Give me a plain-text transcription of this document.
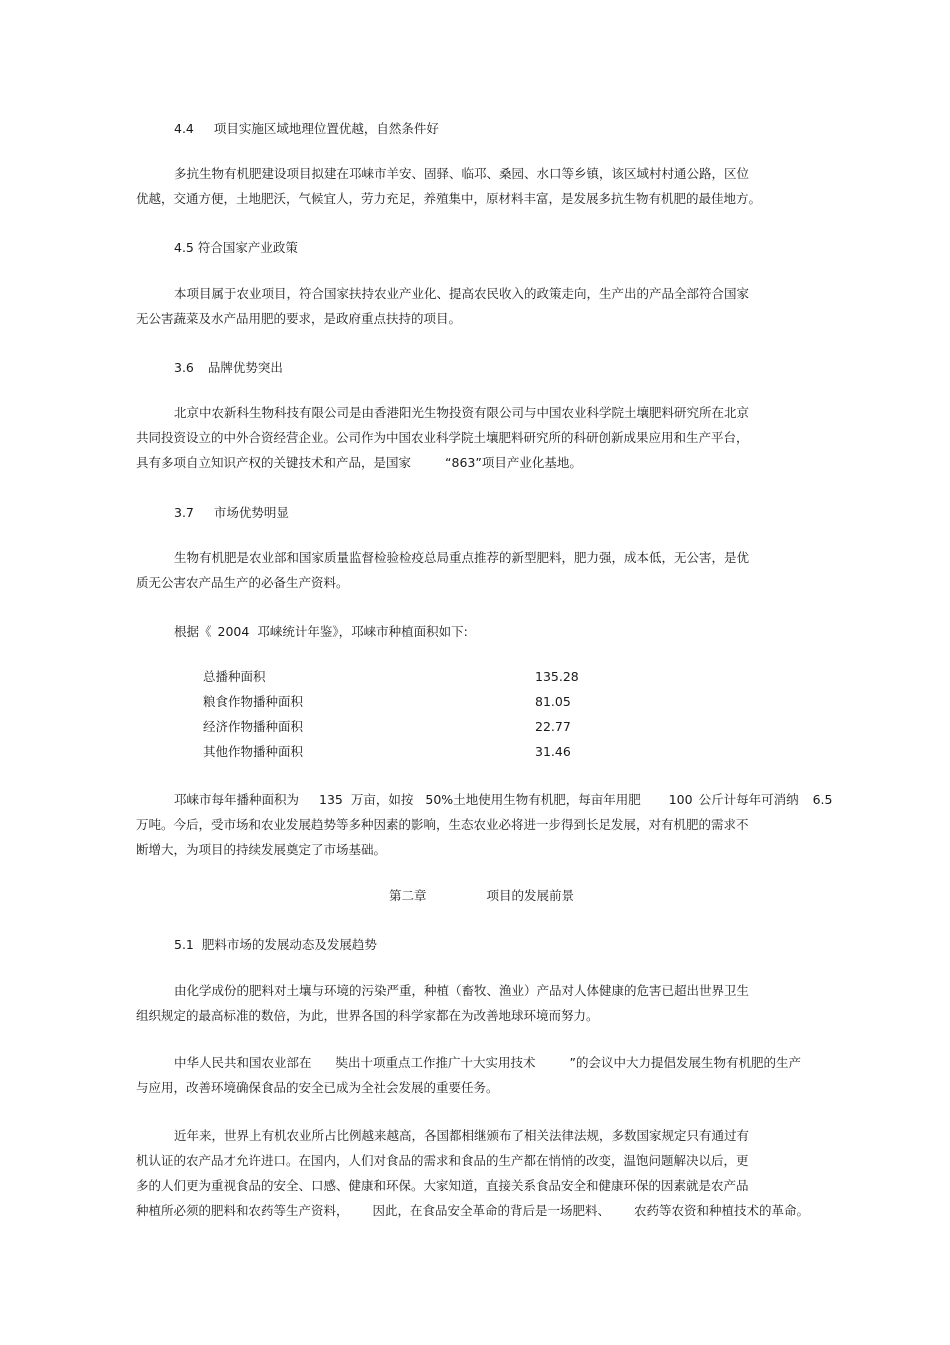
4.4 项目实施区域地理位置优越，自然条件好
多抗生物有机肥建设项目拟建在邛崃市羊安、固驿、临邛、桑园、水口等乡镇，该区域村村通公路，区位
优越，交通方便，土地肥沃，气候宜人，劳力充足，养殖集中，原材料丰富，是发展多抗生物有机肥的最佳地方。
4.5 符合国家产业政策
本项目属于农业项目，符合国家扶持农业产业化、提高农民收入的政策走向，生产出的产品全部符合国家
无公害蔬菜及水产品用肥的要求，是政府重点扶持的项目。
3.6 品牌优势突出
北京中农新科生物科技有限公司是由香港阳光生物投资有限公司与中国农业科学院土壤肥料研究所在北京
共同投资设立的中外合资经营企业。公司作为中国农业科学院土壤肥料研究所的科研创新成果应用和生产平台，
具有多项自立知识产权的关键技术和产品，是国家	“863”项目产业化基地。
3.7 市场优势明显
生物有机肥是农业部和国家质量监督检验检疫总局重点推荐的新型肥料，肥力强，成本低，无公害，是优
质无公害农产品生产的必备生产资料。
根据《 2004 邛崃统计年鉴》，邛崃市种植面积如下:
总播种面积	135.28
粮食作物播种面积	81.05
经济作物播种面积	22.77
其他作物播种面积	31.46
邛崃市每年播种面积为 135 万亩，如按 50%土地使用生物有机肥，每亩年用肥 100 公斤计每年可消纳 6.5
万吨。今后，受市场和农业发展趋势等多种因素的影响，生态农业必将进一步得到长足发展，对有机肥的需求不
断增大，为项目的持续发展奠定了市场基础。
第二章	项目的发展前景
5.1 肥料市场的发展动态及发展趋势
由化学成份的肥料对土壤与环境的污染严重，种植（畜牧、渔业）产品对人体健康的危害已超出世界卫生
组织规定的最高标准的数倍，为此，世界各国的科学家都在为改善地球环境而努力。
中华人民共和国农业部在 奘出十项重点工作推广十大实用技术	”的会议中大力提倡发展生物有机肥的生产
与应用，改善环境确保食品的安全已成为全社会发展的重要任务。
近年来，世界上有机农业所占比例越来越高，各国都相继颁布了相关法律法规，多数国家规定只有通过有
机认证的农产品才允许进口。在国内，人们对食品的需求和食品的生产都在悄悄的改变，温饱问题解决以后，更
多的人们更为重视食品的安全、口感、健康和环保。大家知道，直接关系食品安全和健康环保的因素就是农产品
种植所必须的肥料和农药等生产资料， 因此，在食品安全革命的背后是一场肥料、 农药等农资和种植技术的革命。
